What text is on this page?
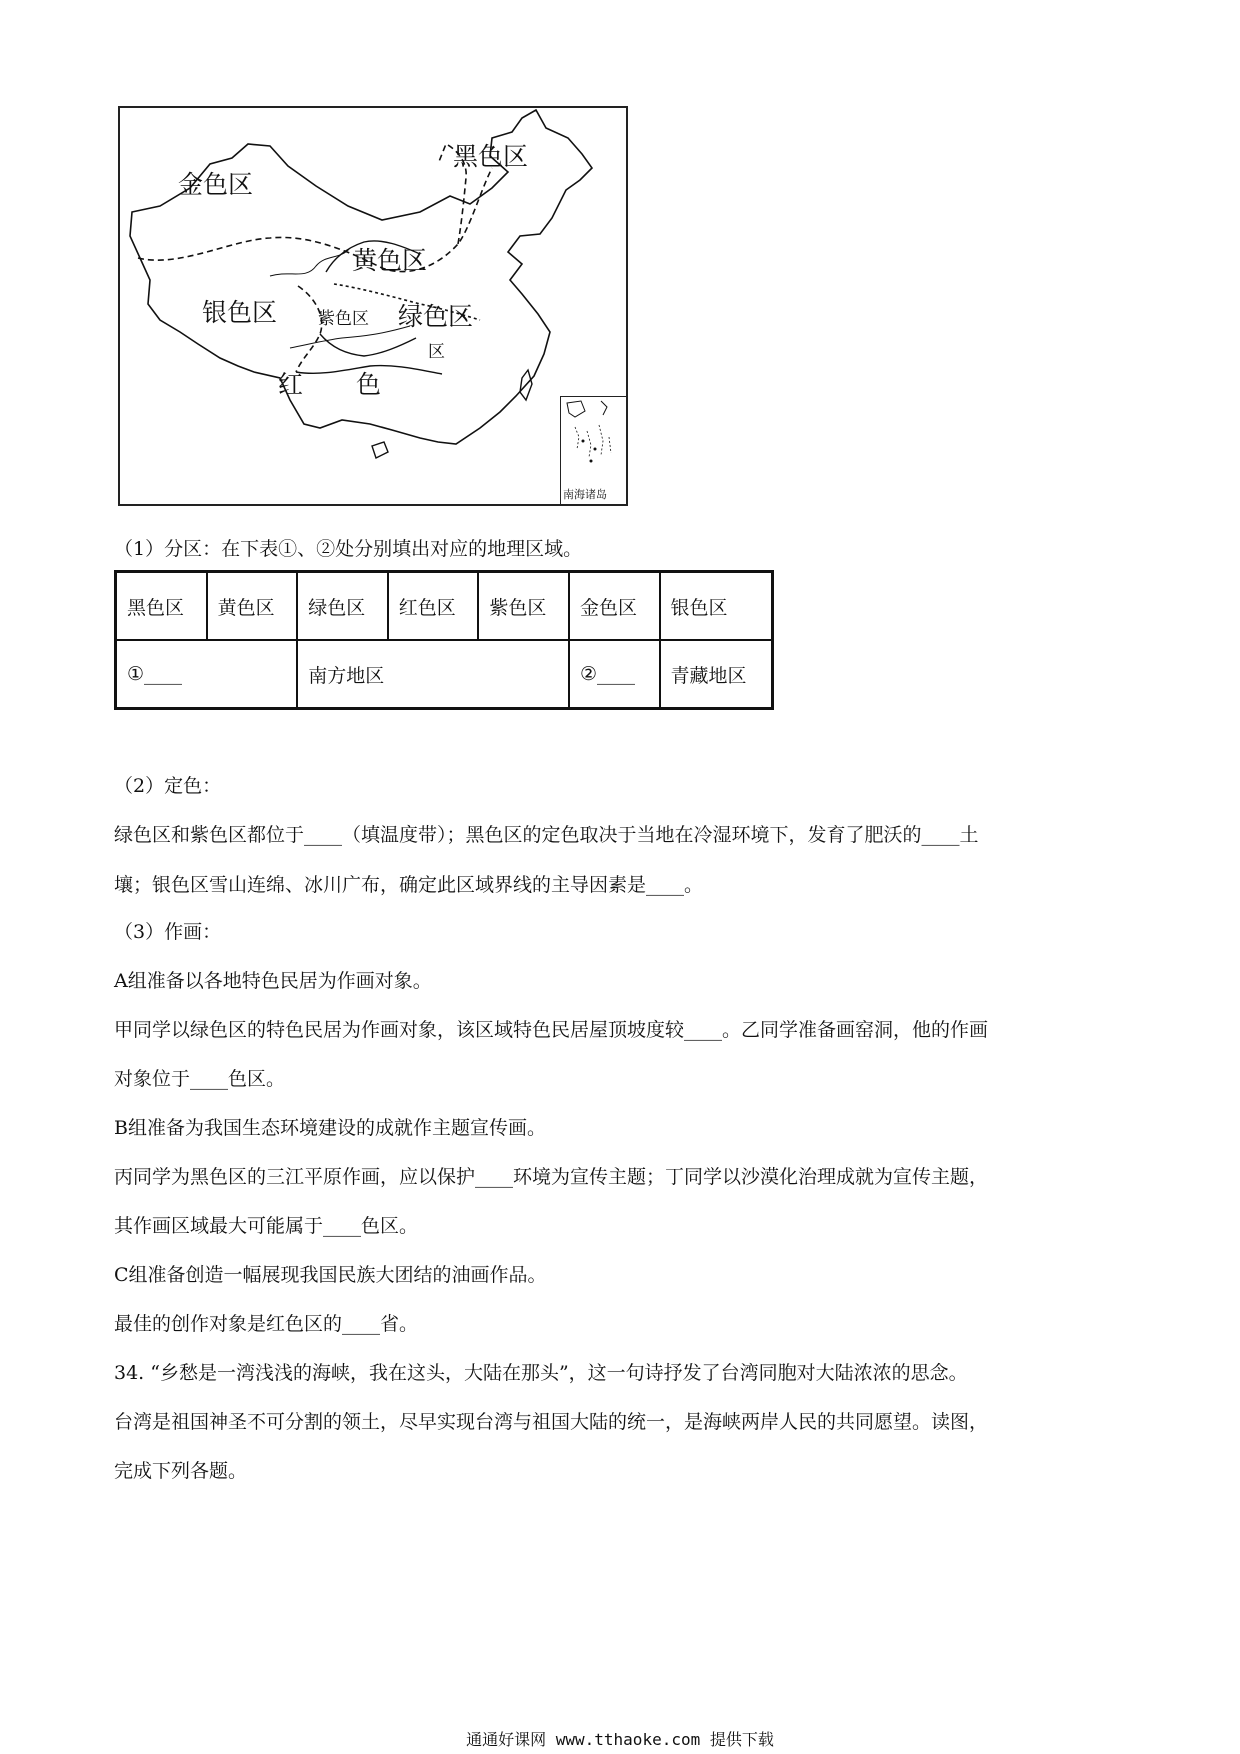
黑色区
金色区
黄色区
银色区 紫色区 绿色区
区
红 色
南海诸岛
（1）分区：在下表①、②处分别填出对应的地理区域。
黑色区	黄色区	绿色区	红色区	紫色区	金色区	银色区
①____		南方地区			②____	青藏地区
（2）定色：
绿色区和紫色区都位于____（填温度带）；黑色区的定色取决于当地在冷湿环境下，发育了肥沃的____土
壤；银色区雪山连绵、冰川广布，确定此区域界线的主导因素是____。
（3）作画：
A组准备以各地特色民居为作画对象。
甲同学以绿色区的特色民居为作画对象，该区域特色民居屋顶坡度较____。乙同学准备画窑洞，他的作画
对象位于____色区。
B组准备为我国生态环境建设的成就作主题宣传画。
丙同学为黑色区的三江平原作画，应以保护____环境为宣传主题；丁同学以沙漠化治理成就为宣传主题，
其作画区域最大可能属于____色区。
C组准备创造一幅展现我国民族大团结的油画作品。
最佳的创作对象是红色区的____省。
34. “乡愁是一湾浅浅的海峡，我在这头，大陆在那头”，这一句诗抒发了台湾同胞对大陆浓浓的思念。
台湾是祖国神圣不可分割的领土，尽早实现台湾与祖国大陆的统一，是海峡两岸人民的共同愿望。读图，
完成下列各题。
通通好课网 www.tthaoke.com 提供下载
